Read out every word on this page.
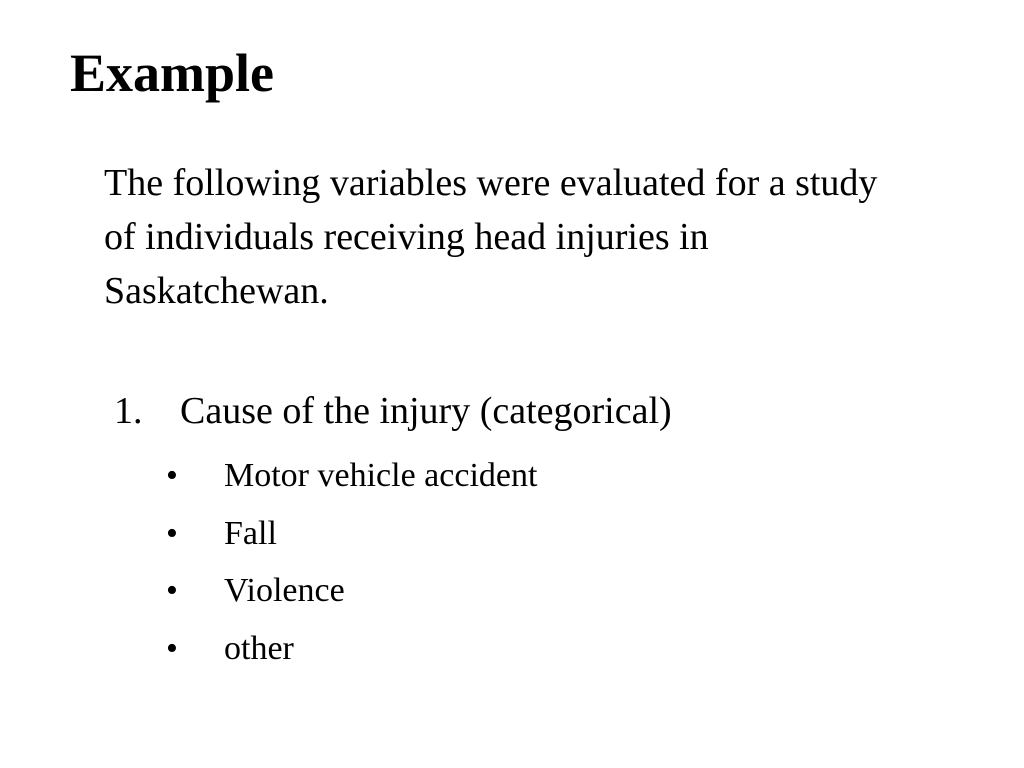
Example

The following variables were evaluated for a study of individuals receiving head injuries in Saskatchewan.

1. Cause of the injury (categorical)
• Motor vehicle accident
• Fall
• Violence
• other
